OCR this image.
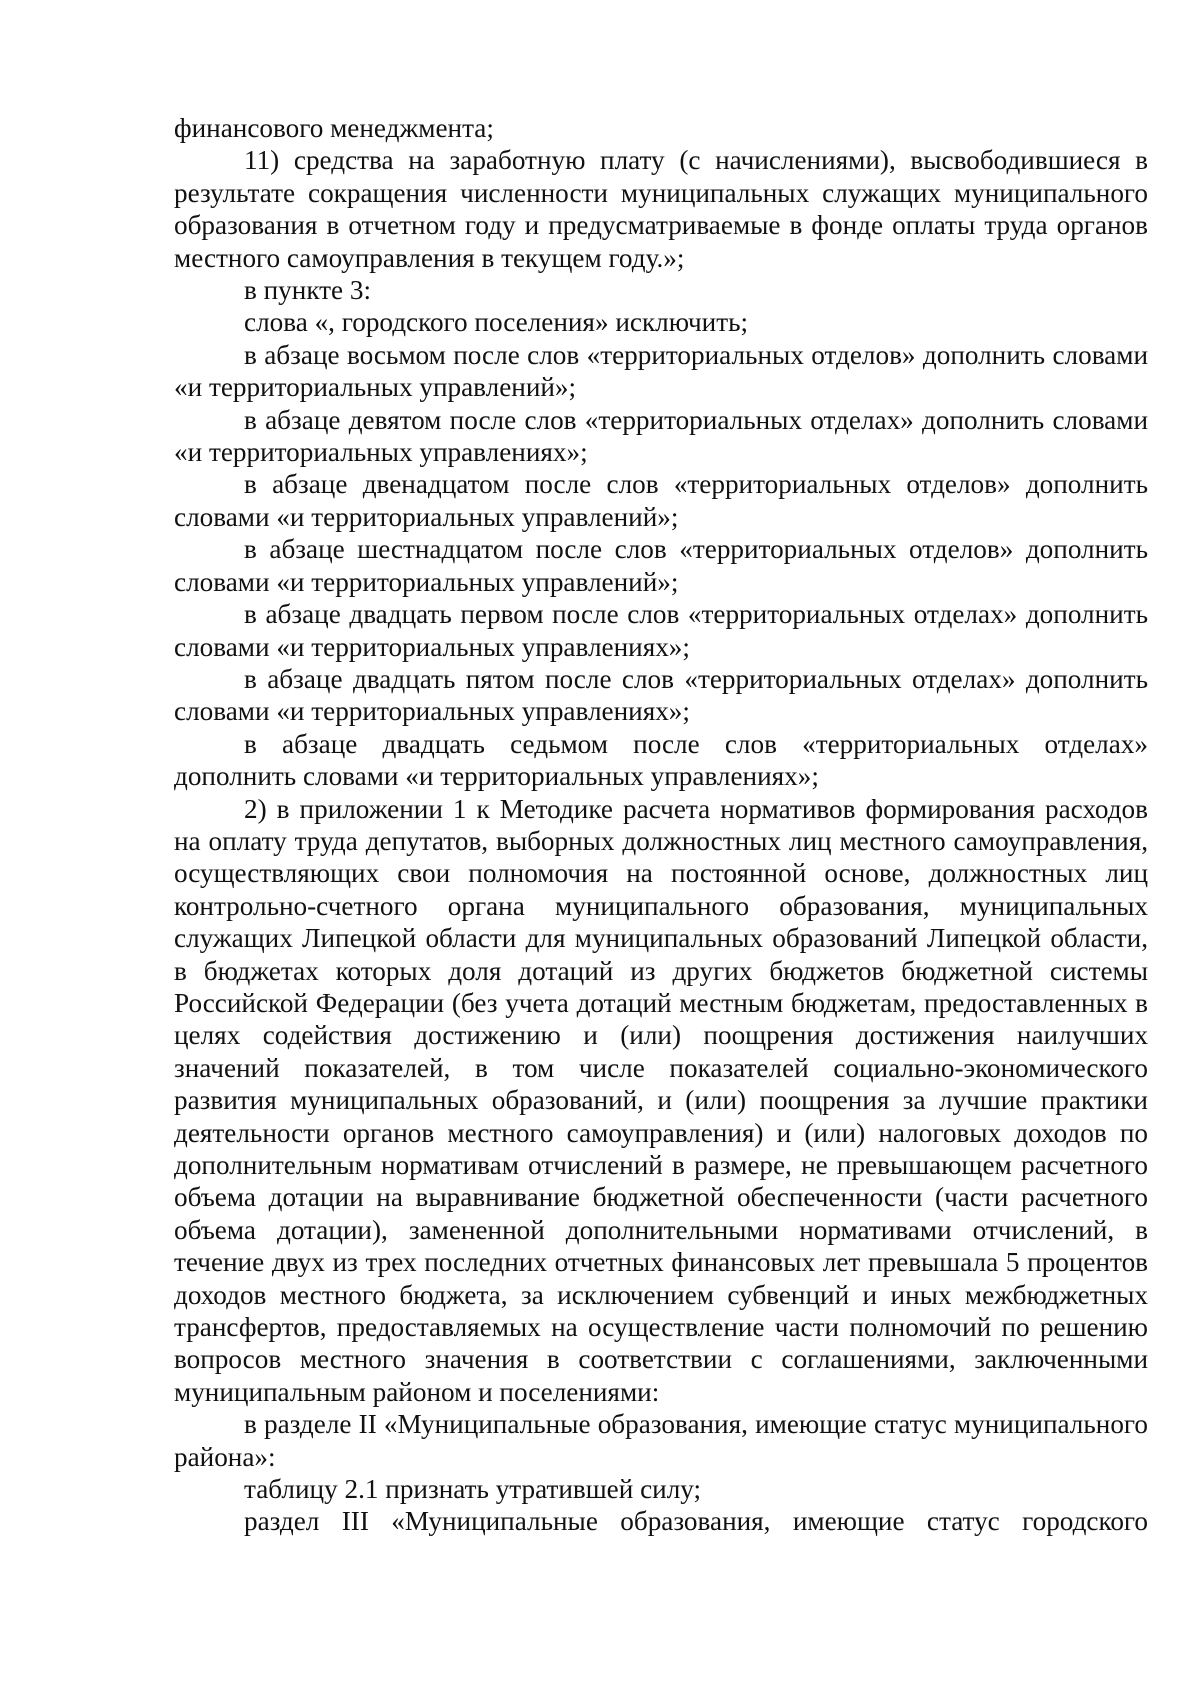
финансового менеджмента;

11) средства на заработную плату (с начислениями), высвободившиеся в результате сокращения численности муниципальных служащих муниципального образования в отчетном году и предусматриваемые в фонде оплаты труда органов местного самоуправления в текущем году.»;

в пункте 3:

слова «, городского поселения» исключить;

в абзаце восьмом после слов «территориальных отделов» дополнить словами «и территориальных управлений»;

в абзаце девятом после слов «территориальных отделах» дополнить словами «и территориальных управлениях»;

в абзаце двенадцатом после слов «территориальных отделов» дополнить словами «и территориальных управлений»;

в абзаце шестнадцатом после слов «территориальных отделов» дополнить словами «и территориальных управлений»;

в абзаце двадцать первом после слов «территориальных отделах» дополнить словами «и территориальных управлениях»;

в абзаце двадцать пятом после слов «территориальных отделах» дополнить словами «и территориальных управлениях»;

в абзаце двадцать седьмом после слов «территориальных отделах» дополнить словами «и территориальных управлениях»;

2) в приложении 1 к Методике расчета нормативов формирования расходов на оплату труда депутатов, выборных должностных лиц местного самоуправления, осуществляющих свои полномочия на постоянной основе, должностных лиц контрольно-счетного органа муниципального образования, муниципальных служащих Липецкой области для муниципальных образований Липецкой области, в бюджетах которых доля дотаций из других бюджетов бюджетной системы Российской Федерации (без учета дотаций местным бюджетам, предоставленных в целях содействия достижению и (или) поощрения достижения наилучших значений показателей, в том числе показателей социально-экономического развития муниципальных образований, и (или) поощрения за лучшие практики деятельности органов местного самоуправления) и (или) налоговых доходов по дополнительным нормативам отчислений в размере, не превышающем расчетного объема дотации на выравнивание бюджетной обеспеченности (части расчетного объема дотации), замененной дополнительными нормативами отчислений, в течение двух из трех последних отчетных финансовых лет превышала 5 процентов доходов местного бюджета, за исключением субвенций и иных межбюджетных трансфертов, предоставляемых на осуществление части полномочий по решению вопросов местного значения в соответствии с соглашениями, заключенными муниципальным районом и поселениями:

в разделе II «Муниципальные образования, имеющие статус муниципального района»:

таблицу 2.1 признать утратившей силу;

раздел III «Муниципальные образования, имеющие статус городского
